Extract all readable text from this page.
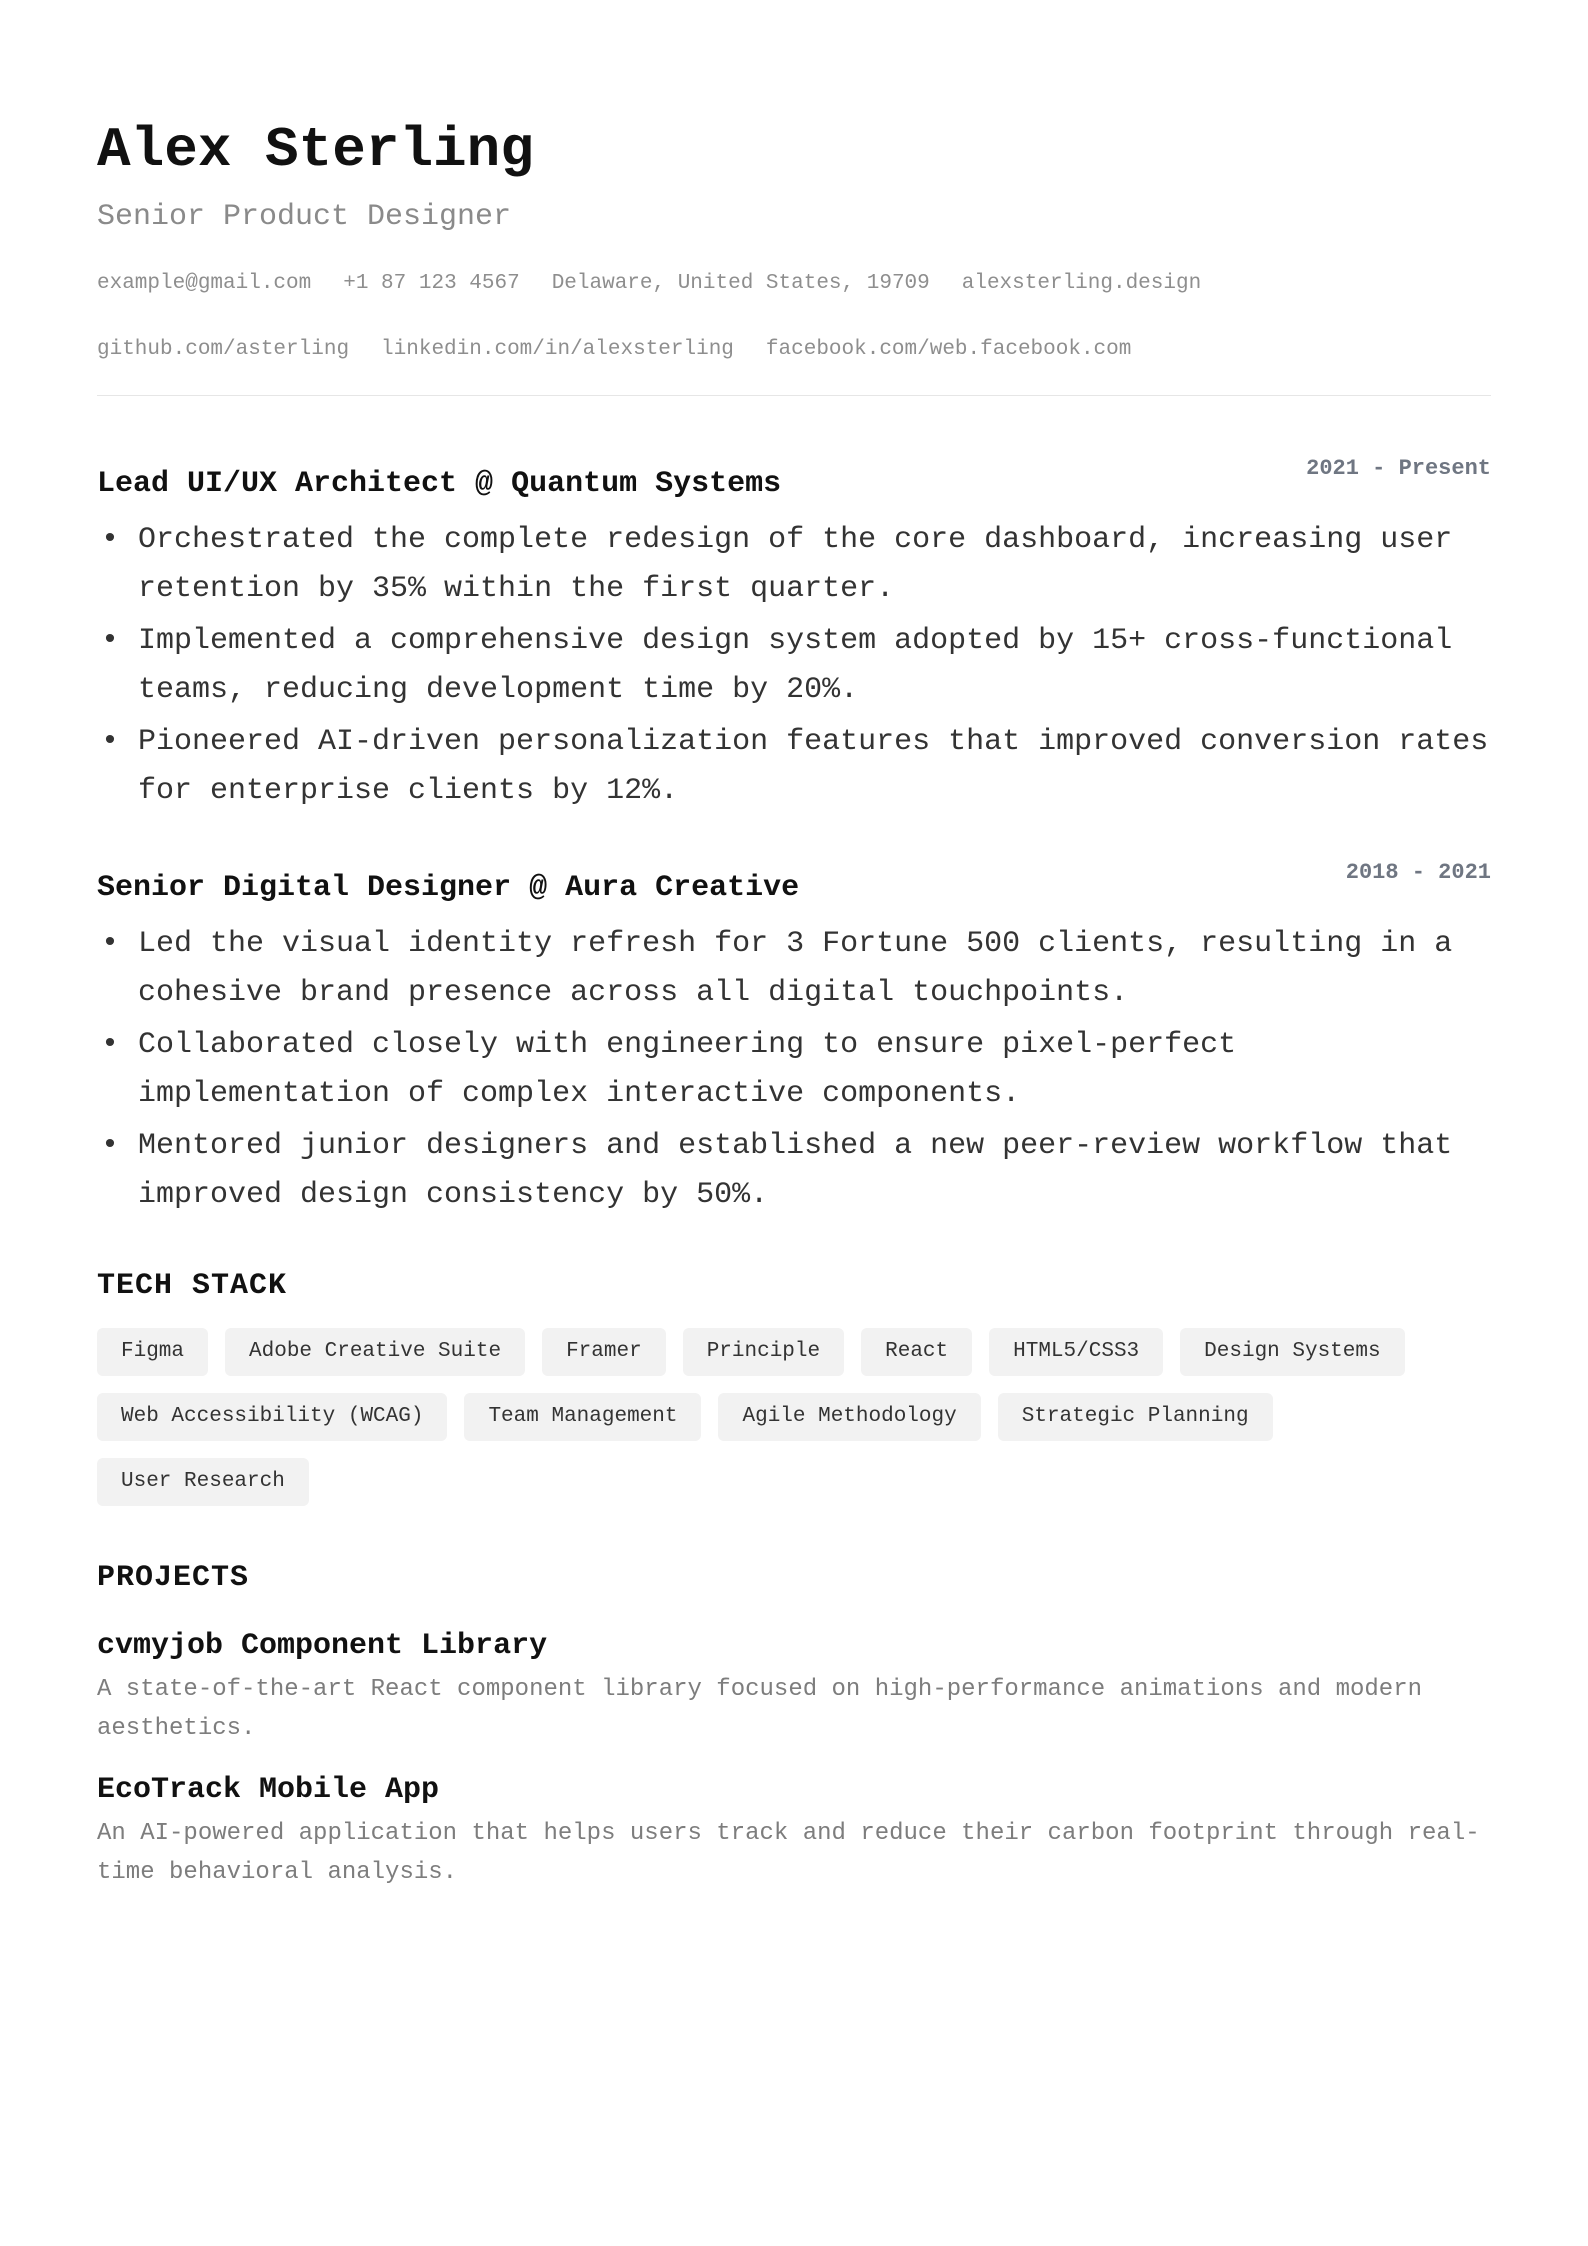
Alex Sterling
Senior Product Designer
example@gmail.com +1 87 123 4567 Delaware, United States, 19709 alexsterling.design
github.com/asterling linkedin.com/in/alexsterling facebook.com/web.facebook.com
Lead UI/UX Architect @ Quantum Systems	2021 - Present
• Orchestrated the complete redesign of the core dashboard, increasing user retention by 35% within the first quarter.
• Implemented a comprehensive design system adopted by 15+ cross-functional teams, reducing development time by 20%.
• Pioneered AI-driven personalization features that improved conversion rates for enterprise clients by 12%.
Senior Digital Designer @ Aura Creative	2018 - 2021
• Led the visual identity refresh for 3 Fortune 500 clients, resulting in a cohesive brand presence across all digital touchpoints.
• Collaborated closely with engineering to ensure pixel-perfect implementation of complex interactive components.
• Mentored junior designers and established a new peer-review workflow that improved design consistency by 50%.
TECH STACK
Figma	Adobe Creative Suite	Framer	Principle	React	HTML5/CSS3	Design Systems
Web Accessibility (WCAG)	Team Management	Agile Methodology	Strategic Planning
User Research
PROJECTS
cvmyjob Component Library
A state-of-the-art React component library focused on high-performance animations and modern aesthetics.
EcoTrack Mobile App
An AI-powered application that helps users track and reduce their carbon footprint through real-time behavioral analysis.
